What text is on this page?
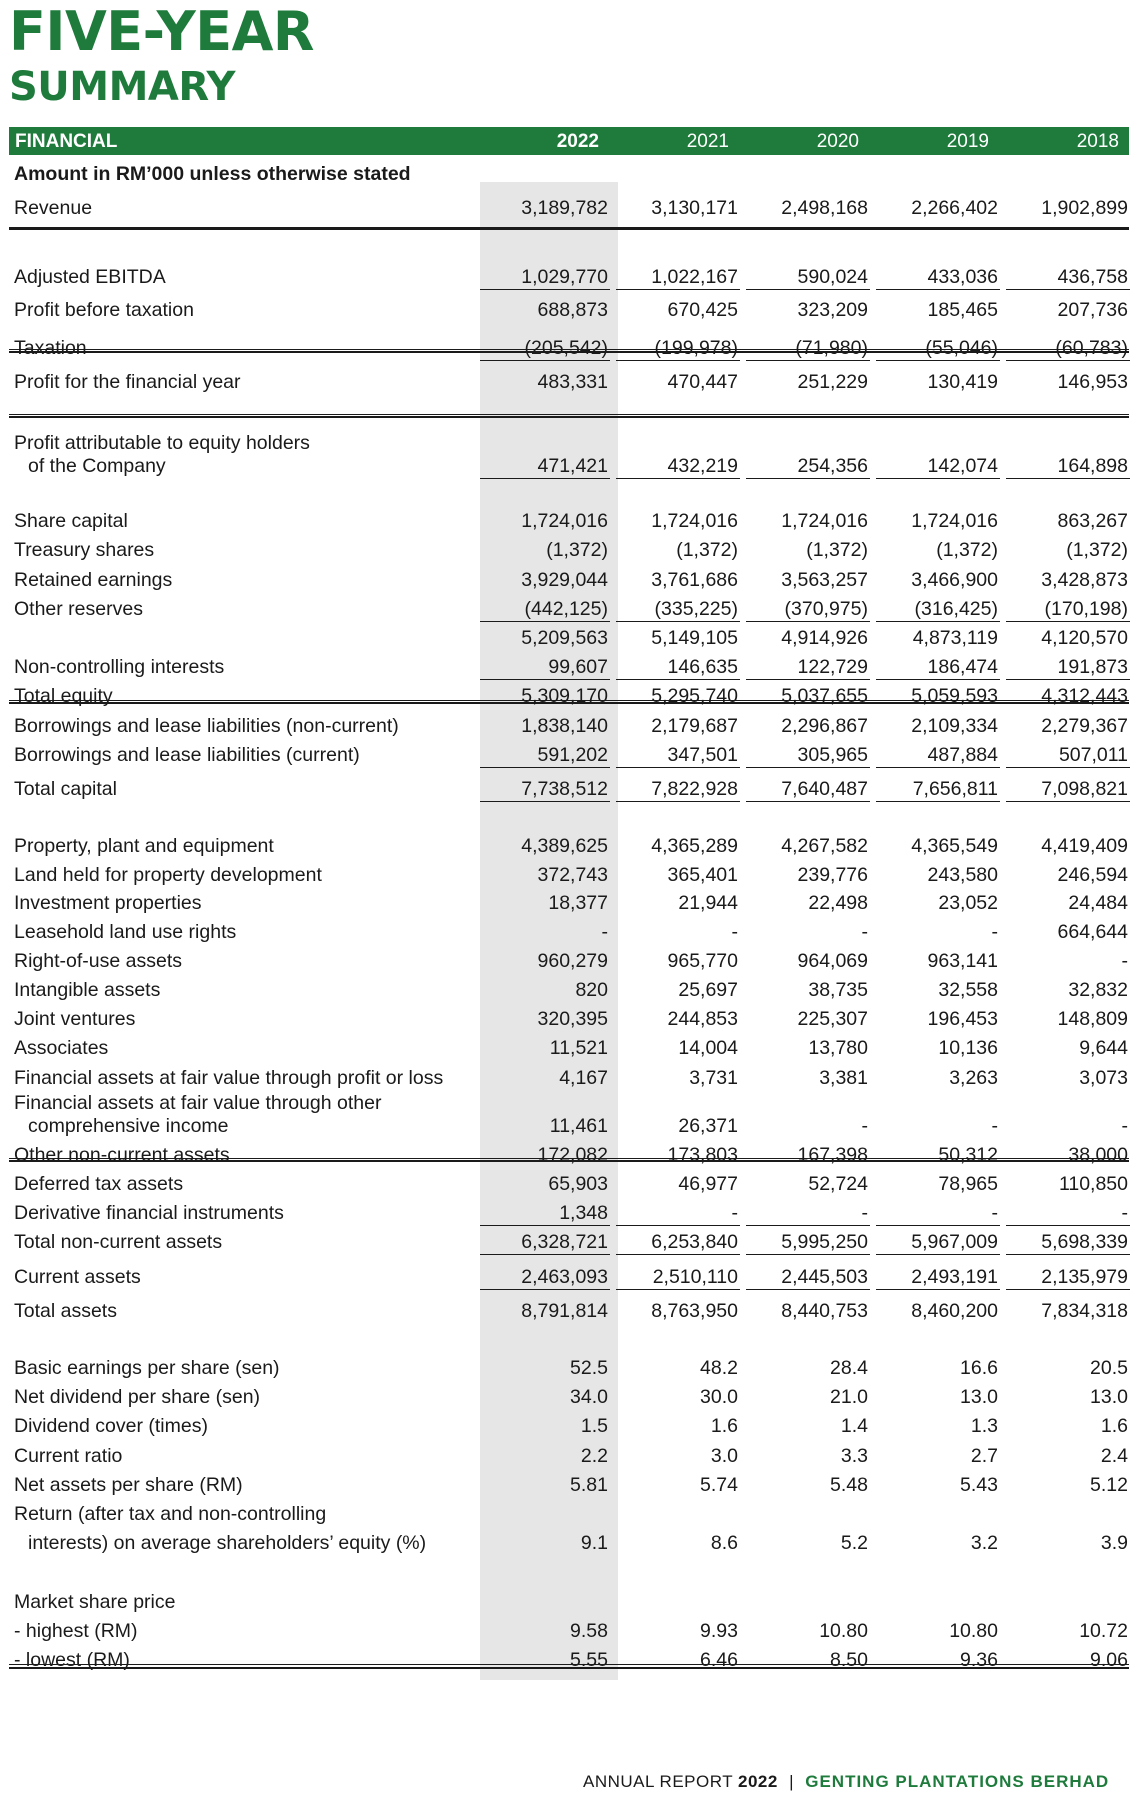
FIVE-YEAR
SUMMARY
FINANCIAL	2022	2021	2020	2019	2018
Amount in RM’000 unless otherwise stated
Revenue	3,189,782	3,130,171	2,498,168	2,266,402	1,902,899
Adjusted EBITDA	1,029,770	1,022,167	590,024	433,036	436,758
Profit before taxation	688,873	670,425	323,209	185,465	207,736
Taxation	(205,542)	(199,978)	(71,980)	(55,046)	(60,783)
Profit for the financial year	483,331	470,447	251,229	130,419	146,953
Profit attributable to equity holders
of the Company	471,421	432,219	254,356	142,074	164,898
Share capital	1,724,016	1,724,016	1,724,016	1,724,016	863,267
Treasury shares	(1,372)	(1,372)	(1,372)	(1,372)	(1,372)
Retained earnings	3,929,044	3,761,686	3,563,257	3,466,900	3,428,873
Other reserves	(442,125)	(335,225)	(370,975)	(316,425)	(170,198)
5,209,563	5,149,105	4,914,926	4,873,119	4,120,570
Non-controlling interests	99,607	146,635	122,729	186,474	191,873
Total equity	5,309,170	5,295,740	5,037,655	5,059,593	4,312,443
Borrowings and lease liabilities (non-current)	1,838,140	2,179,687	2,296,867	2,109,334	2,279,367
Borrowings and lease liabilities (current)	591,202	347,501	305,965	487,884	507,011
Total capital	7,738,512	7,822,928	7,640,487	7,656,811	7,098,821
Property, plant and equipment	4,389,625	4,365,289	4,267,582	4,365,549	4,419,409
Land held for property development	372,743	365,401	239,776	243,580	246,594
Investment properties	18,377	21,944	22,498	23,052	24,484
Leasehold land use rights	-	-	-	-	664,644
Right-of-use assets	960,279	965,770	964,069	963,141	-
Intangible assets	820	25,697	38,735	32,558	32,832
Joint ventures	320,395	244,853	225,307	196,453	148,809
Associates	11,521	14,004	13,780	10,136	9,644
Financial assets at fair value through profit or loss	4,167	3,731	3,381	3,263	3,073
Financial assets at fair value through other
comprehensive income	11,461	26,371	-	-	-
Other non-current assets	172,082	173,803	167,398	50,312	38,000
Deferred tax assets	65,903	46,977	52,724	78,965	110,850
Derivative financial instruments	1,348	-	-	-	-
Total non-current assets	6,328,721	6,253,840	5,995,250	5,967,009	5,698,339
Current assets	2,463,093	2,510,110	2,445,503	2,493,191	2,135,979
Total assets	8,791,814	8,763,950	8,440,753	8,460,200	7,834,318
Basic earnings per share (sen)	52.5	48.2	28.4	16.6	20.5
Net dividend per share (sen)	34.0	30.0	21.0	13.0	13.0
Dividend cover (times)	1.5	1.6	1.4	1.3	1.6
Current ratio	2.2	3.0	3.3	2.7	2.4
Net assets per share (RM)	5.81	5.74	5.48	5.43	5.12
Return (after tax and non-controlling
interests) on average shareholders’ equity (%)	9.1	8.6	5.2	3.2	3.9
Market share price
- highest (RM)	9.58	9.93	10.80	10.80	10.72
- lowest (RM)	5.55	6.46	8.50	9.36	9.06
ANNUAL REPORT 2022 | GENTING PLANTATIONS BERHAD
